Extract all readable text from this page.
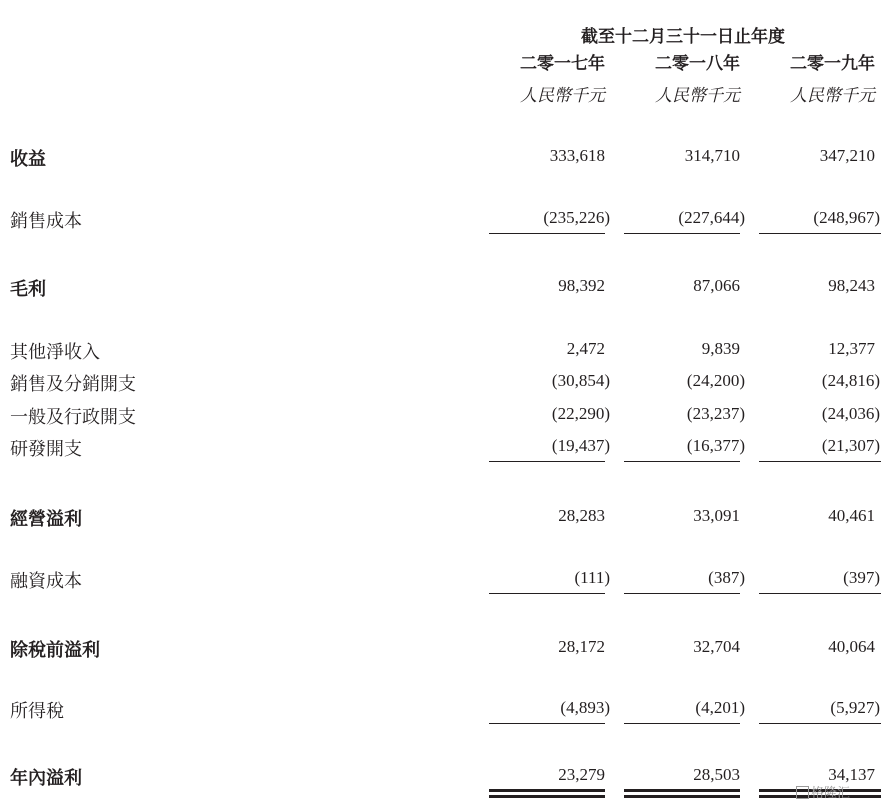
截至十二月三十一日止年度
二零一七年	二零一八年	二零一九年
人民幣千元	人民幣千元	人民幣千元
收益	333,618	314,710	347,210
銷售成本	(235,226)	(227,644)	(248,967)
毛利	98,392	87,066	98,243
其他淨收入	2,472	9,839	12,377
銷售及分銷開支	(30,854)	(24,200)	(24,816)
一般及行政開支	(22,290)	(23,237)	(24,036)
研發開支	(19,437)	(16,377)	(21,307)
經營溢利	28,283	33,091	40,461
融資成本	(111)	(387)	(397)
除稅前溢利	28,172	32,704	40,064
所得稅	(4,893)	(4,201)	(5,927)
年內溢利	23,279	28,503	34,137
格隆汇
